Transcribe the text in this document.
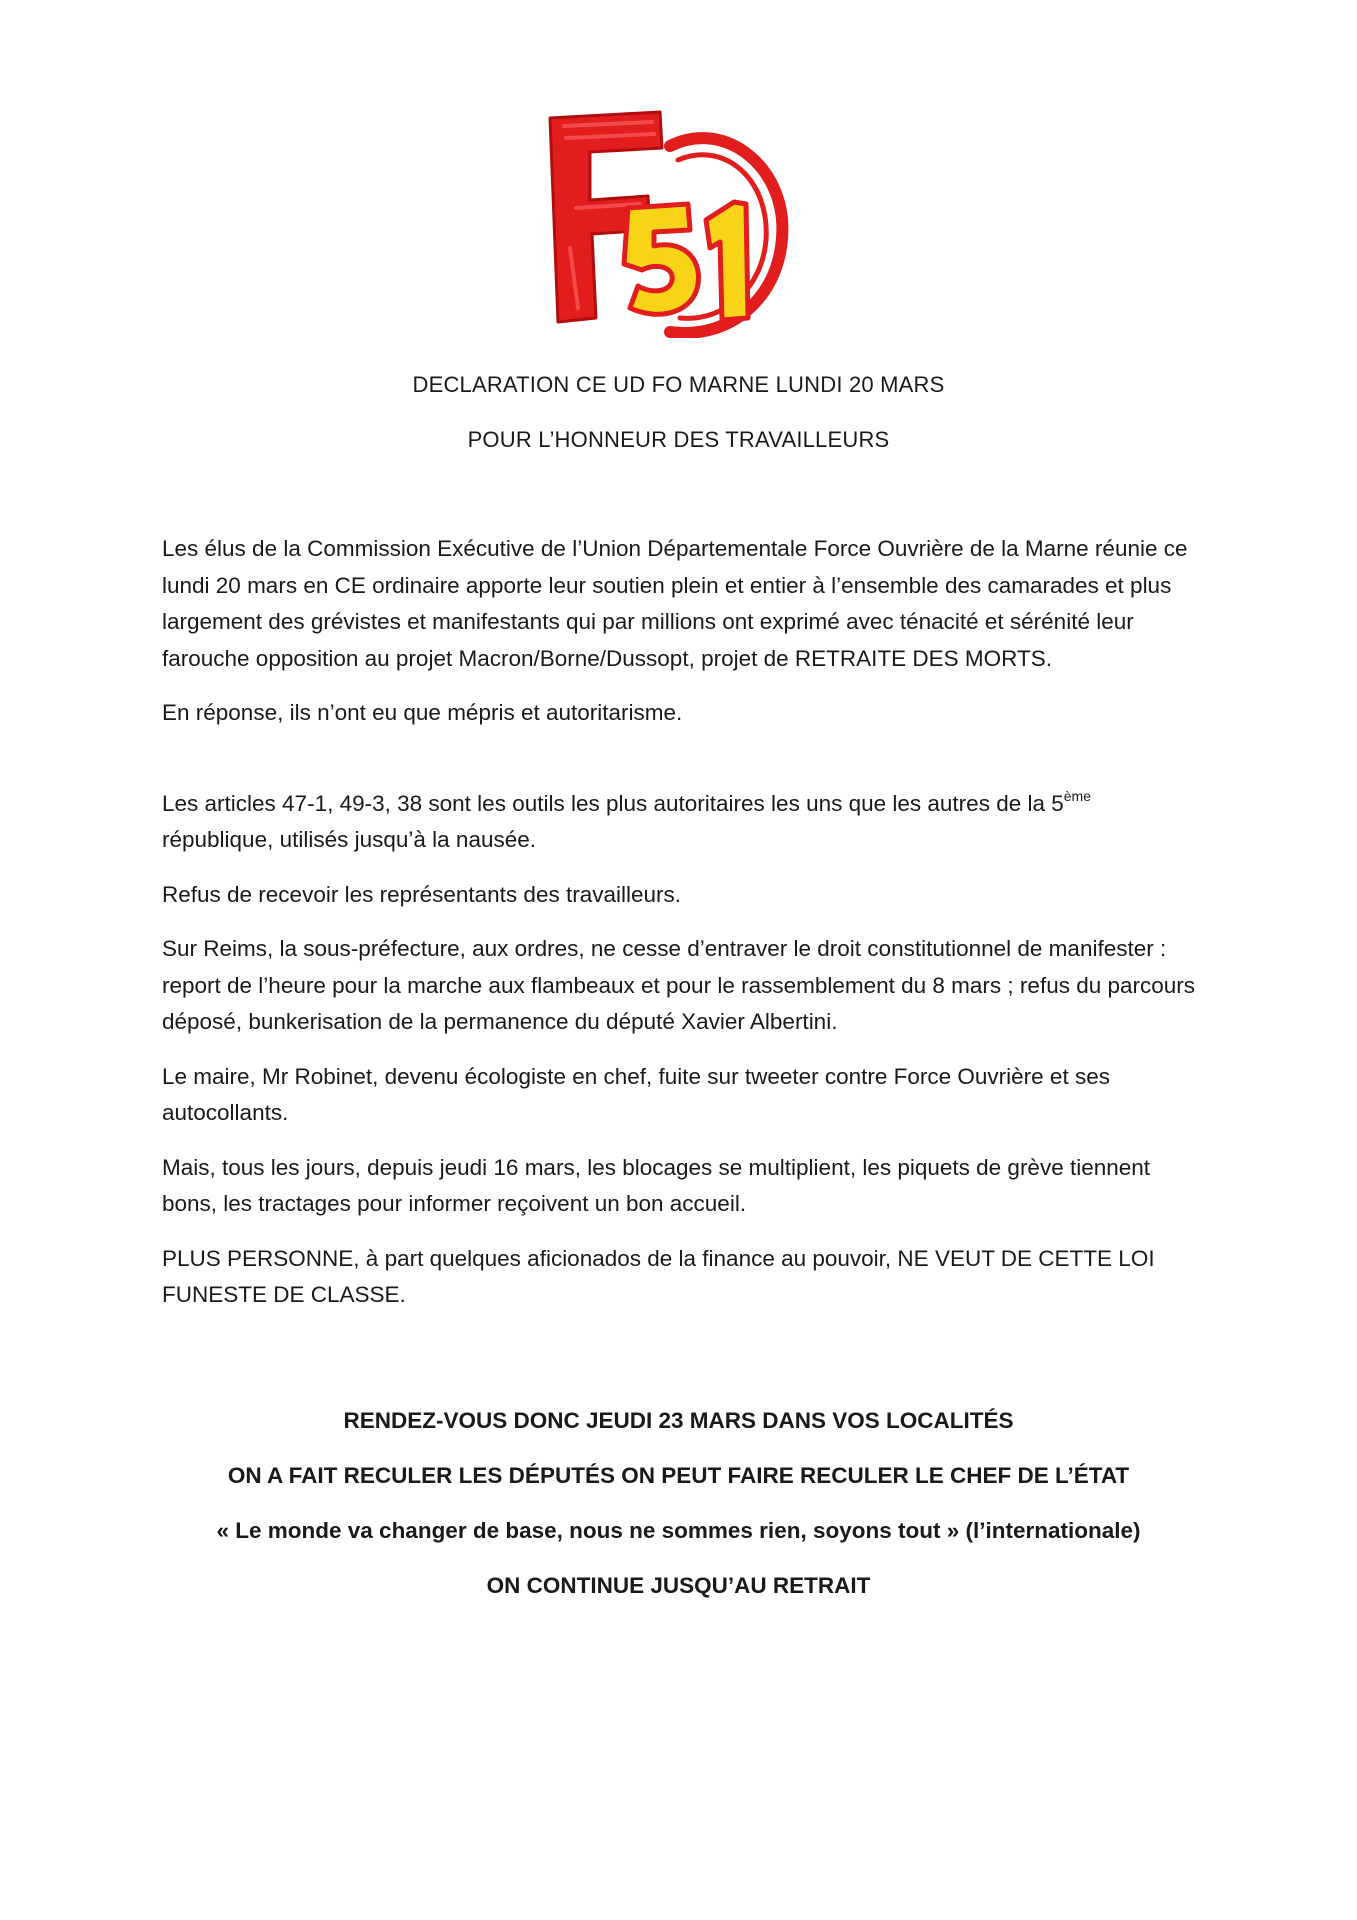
DECLARATION CE UD FO MARNE LUNDI 20 MARS
POUR L’HONNEUR DES TRAVAILLEURS

Les élus de la Commission Exécutive de l’Union Départementale Force Ouvrière de la Marne réunie ce lundi 20 mars en CE ordinaire apporte leur soutien plein et entier à l’ensemble des camarades et plus largement des grévistes et manifestants qui par millions ont exprimé avec ténacité et sérénité leur farouche opposition au projet Macron/Borne/Dussopt, projet de RETRAITE DES MORTS.

En réponse, ils n’ont eu que mépris et autoritarisme.

Les articles 47-1, 49-3, 38 sont les outils les plus autoritaires les uns que les autres de la 5ème république, utilisés jusqu’à la nausée.

Refus de recevoir les représentants des travailleurs.

Sur Reims, la sous-préfecture, aux ordres, ne cesse d’entraver le droit constitutionnel de manifester : report de l’heure pour la marche aux flambeaux et pour le rassemblement du 8 mars ; refus du parcours déposé, bunkerisation de la permanence du député Xavier Albertini.

Le maire, Mr Robinet, devenu écologiste en chef, fuite sur tweeter contre Force Ouvrière et ses autocollants.

Mais, tous les jours, depuis jeudi 16 mars, les blocages se multiplient, les piquets de grève tiennent bons, les tractages pour informer reçoivent un bon accueil.

PLUS PERSONNE, à part quelques aficionados de la finance au pouvoir, NE VEUT DE CETTE LOI FUNESTE DE CLASSE.

RENDEZ-VOUS DONC JEUDI 23 MARS DANS VOS LOCALITÉS

ON A FAIT RECULER LES DÉPUTÉS ON PEUT FAIRE RECULER LE CHEF DE L’ÉTAT

« Le monde va changer de base, nous ne sommes rien, soyons tout » (l’internationale)

ON CONTINUE JUSQU’AU RETRAIT
